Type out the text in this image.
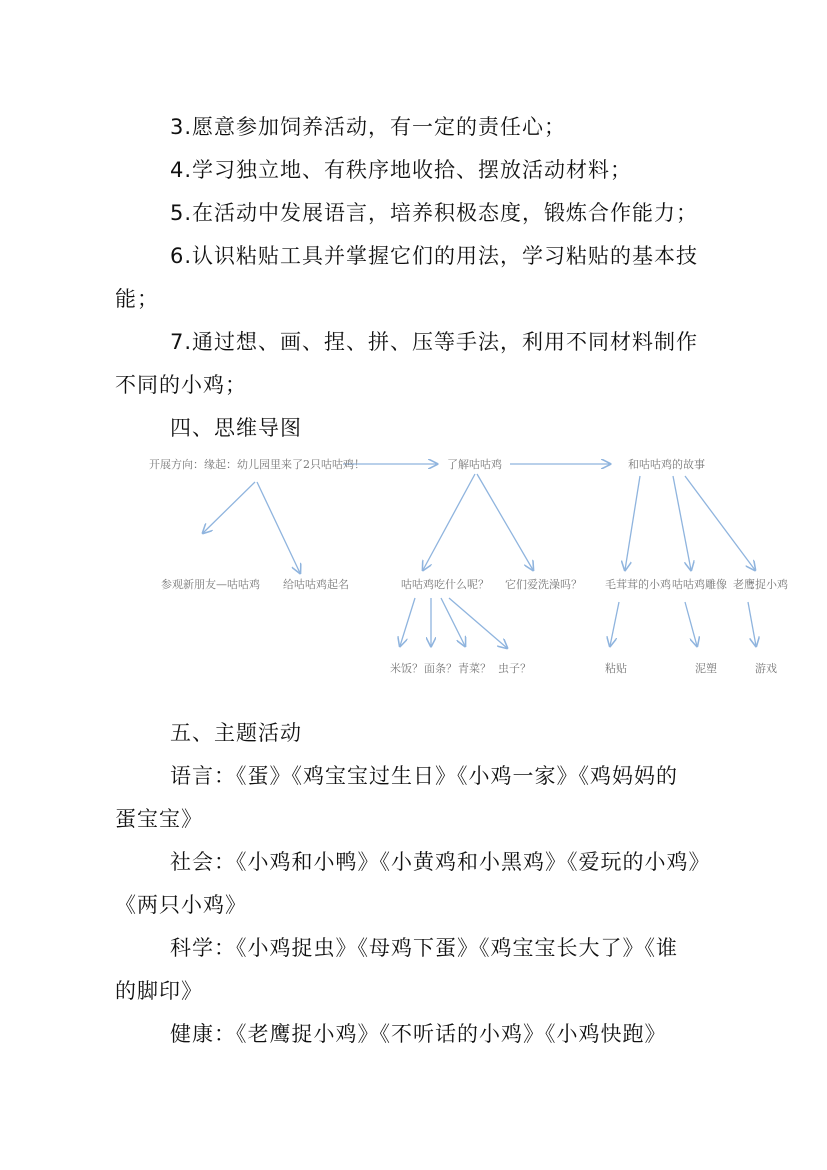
3.愿意参加饲养活动，有一定的责任心；
4.学习独立地、有秩序地收拾、摆放活动材料；
5.在活动中发展语言，培养积极态度，锻炼合作能力；
6.认识粘贴工具并掌握它们的用法，学习粘贴的基本技
能；
7.通过想、画、捏、拼、压等手法，利用不同材料制作
不同的小鸡；
四、思维导图
开展方向：缘起：幼儿园里来了2只咕咕鸡！	了解咕咕鸡	和咕咕鸡的故事
参观新朋友—咕咕鸡 给咕咕鸡起名	咕咕鸡吃什么呢？ 它们爱洗澡吗？ 毛茸茸的小鸡 咕咕鸡雕像 老鹰捉小鸡
米饭？ 面条？ 青菜？ 虫子？	粘贴	泥塑	游戏
五、主题活动
语言：《蛋》《鸡宝宝过生日》《小鸡一家》《鸡妈妈的
蛋宝宝》
社会：《小鸡和小鸭》《小黄鸡和小黑鸡》《爱玩的小鸡》
《两只小鸡》
科学：《小鸡捉虫》《母鸡下蛋》《鸡宝宝长大了》《谁
的脚印》
健康：《老鹰捉小鸡》《不听话的小鸡》《小鸡快跑》
